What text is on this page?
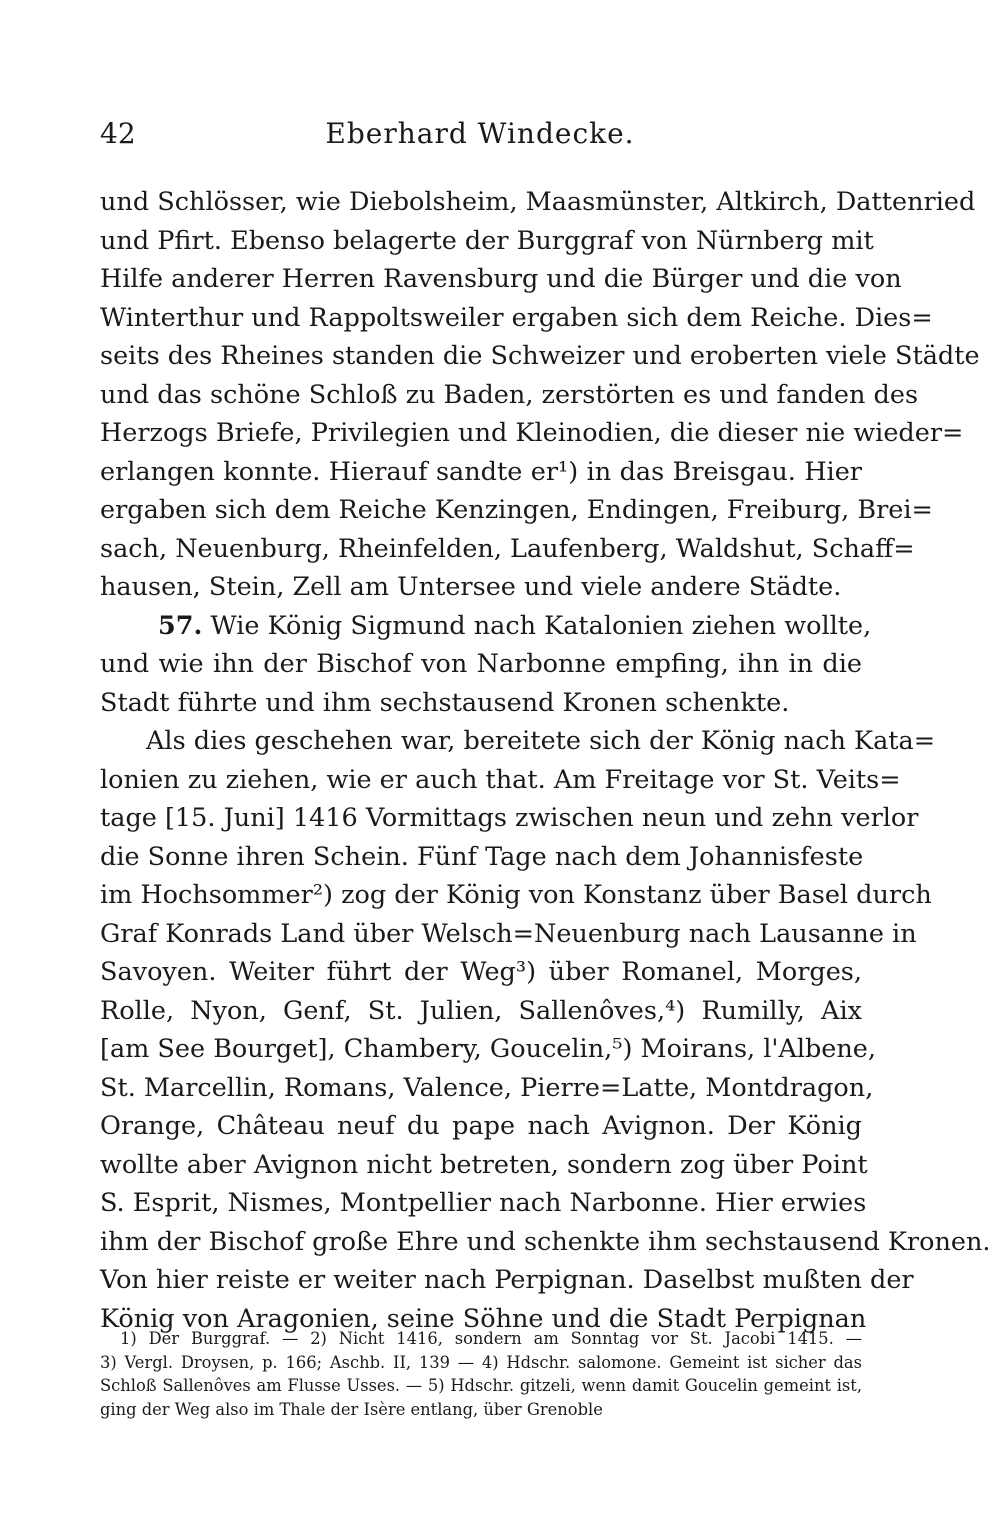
42	Eberhard Windecke.
und Schlösser, wie Diebolsheim, Maasmünster, Altkirch, Dattenried
und Pfirt. Ebenso belagerte der Burggraf von Nürnberg mit
Hilfe anderer Herren Ravensburg und die Bürger und die von
Winterthur und Rappoltsweiler ergaben sich dem Reiche. Dies=
seits des Rheines standen die Schweizer und eroberten viele Städte
und das schöne Schloß zu Baden, zerstörten es und fanden des
Herzogs Briefe, Privilegien und Kleinodien, die dieser nie wieder=
erlangen konnte. Hierauf sandte er¹) in das Breisgau. Hier
ergaben sich dem Reiche Kenzingen, Endingen, Freiburg, Brei=
sach, Neuenburg, Rheinfelden, Laufenberg, Waldshut, Schaff=
hausen, Stein, Zell am Untersee und viele andere Städte.
57. Wie König Sigmund nach Katalonien ziehen wollte,
und wie ihn der Bischof von Narbonne empfing, ihn in die
Stadt führte und ihm sechstausend Kronen schenkte.
Als dies geschehen war, bereitete sich der König nach Kata=
lonien zu ziehen, wie er auch that. Am Freitage vor St. Veits=
tage [15. Juni] 1416 Vormittags zwischen neun und zehn verlor
die Sonne ihren Schein. Fünf Tage nach dem Johannisfeste
im Hochsommer²) zog der König von Konstanz über Basel durch
Graf Konrads Land über Welsch=Neuenburg nach Lausanne in
Savoyen. Weiter führt der Weg³) über Romanel, Morges,
Rolle, Nyon, Genf, St. Julien, Sallenôves,⁴) Rumilly, Aix
[am See Bourget], Chambery, Goucelin,⁵) Moirans, l'Albene,
St. Marcellin, Romans, Valence, Pierre=Latte, Montdragon,
Orange, Château neuf du pape nach Avignon. Der König
wollte aber Avignon nicht betreten, sondern zog über Point
S. Esprit, Nismes, Montpellier nach Narbonne. Hier erwies
ihm der Bischof große Ehre und schenkte ihm sechstausend Kronen.
Von hier reiste er weiter nach Perpignan. Daselbst mußten der
König von Aragonien, seine Söhne und die Stadt Perpignan
1) Der Burggraf. — 2) Nicht 1416, sondern am Sonntag vor St. Jacobi 1415. —
3) Vergl. Droysen, p. 166; Aschb. II, 139 — 4) Hdschr. salomone. Gemeint ist sicher das
Schloß Sallenôves am Flusse Usses. — 5) Hdschr. gitzeli, wenn damit Goucelin gemeint ist,
ging der Weg also im Thale der Isère entlang, über Grenoble
